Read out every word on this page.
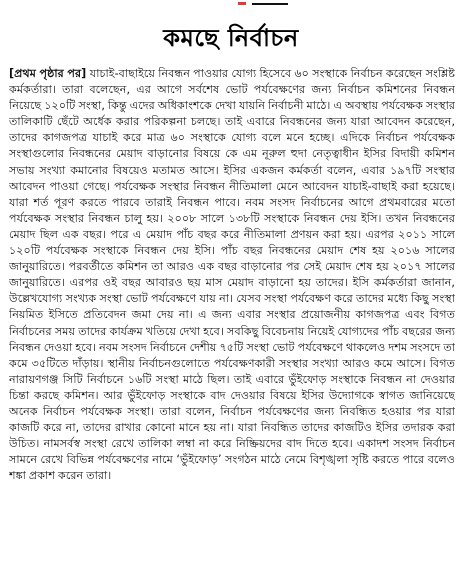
কমছে নির্বাচন
[প্রথম পৃষ্ঠার পর] যাচাই-বাছাইয়ে নিবন্ধন পাওয়ার যোগ্য হিসেবে ৬০ সংস্থাকে নির্বাচন করেছেন সংশ্লিষ্ট কর্মকর্তারা। তারা বলেছেন, এর আগে সর্বশেষ ভোট পর্যবেক্ষণের জন্য নির্বাচন কমিশনের নিবন্ধন নিয়েছে ১২০টি সংস্থা, কিন্তু এদের অধিকাংশকে দেখা যায়নি নির্বাচনী মাঠে। এ অবস্থায় পর্যবেক্ষক সংস্থার তালিকাটি ছেঁটে অর্ধেক করার পরিকল্পনা চলছে। তাই এবারে নিবন্ধনের জন্য যারা আবেদন করেছেন, তাদের কাগজপত্র যাচাই করে মাত্র ৬০ সংস্থাকে যোগ্য বলে মনে হচ্ছে। এদিকে নির্বাচন পর্যবেক্ষক সংস্থাগুলোর নিবন্ধনের মেয়াদ বাড়ানোর বিষয়ে কে এম নূরুল হুদা নেতৃত্বাধীন ইসির বিদায়ী কমিশন সভায় সংখ্যা কমানোর বিষয়েও মতামত আসে। ইসির একজন কর্মকর্তা বলেন, এবার ১৯৭টি সংস্থার আবেদন পাওয়া গেছে। পর্যবেক্ষক সংস্থার নিবন্ধন নীতিমালা মেনে আবেদন যাচাই-বাছাই করা হয়েছে। যারা শর্ত পূরণ করতে পারবে তারাই নিবন্ধন পাবে। নবম সংসদ নির্বাচনের আগে প্রথমবারের মতো পর্যবেক্ষক সংস্থার নিবন্ধন চালু হয়। ২০০৮ সালে ১৩৮টি সংস্থাকে নিবন্ধন দেয় ইসি। তখন নিবন্ধনের মেয়াদ ছিল এক বছর। পরে এ মেয়াদ পাঁচ বছর করে নীতিমালা প্রণয়ন করা হয়। এরপর ২০১১ সালে ১২০টি পর্যবেক্ষক সংস্থাকে নিবন্ধন দেয় ইসি। পাঁচ বছর নিবন্ধনের মেয়াদ শেষ হয় ২০১৬ সালের জানুয়ারিতে। পরবর্তীতে কমিশন তা আরও এক বছর বাড়ানোর পর সেই মেয়াদ শেষ হয় ২০১৭ সালের জানুয়ারিতে। এরপর ওই বছর আবারও ছয় মাস মেয়াদ বাড়ানো হয় তাদের। ইসি কর্মকর্তারা জানান, উল্লেখযোগ্য সংখ্যক সংস্থা ভোট পর্যবেক্ষণে যায় না। যেসব সংস্থা পর্যবেক্ষণ করে তাদের মধ্যে কিছু সংস্থা নিয়মিত ইসিতে প্রতিবেদন জমা দেয় না। এ জন্য এবার সংস্থার প্রয়োজনীয় কাগজপত্র এবং বিগত নির্বাচনের সময় তাদের কার্যক্রম খতিয়ে দেখা হবে। সবকিছু বিবেচনায় নিয়েই যোগ্যদের পাঁচ বছরের জন্য নিবন্ধন দেওয়া হবে। নবম সংসদ নির্বাচনে দেশীয় ৭৫টি সংস্থা ভোট পর্যবেক্ষণে থাকলেও দশম সংসদে তা কমে ৩৫টিতে দাঁড়ায়। স্থানীয় নির্বাচনগুলোতে পর্যবেক্ষণকারী সংস্থার সংখ্যা আরও কমে আসে। বিগত নারায়ণগঞ্জ সিটি নির্বাচনে ১৬টি সংস্থা মাঠে ছিল। তাই এবারে ভুঁইফোড় সংস্থাকে নিবন্ধন না দেওয়ার চিন্তা করছে কমিশন। আর ভুঁইফোড় সংস্থাকে বাদ দেওয়ার বিষয়ে ইসির উদ্যোগকে স্বাগত জানিয়েছে অনেক নির্বাচন পর্যবেক্ষক সংস্থা। তারা বলেন, নির্বাচন পর্যবেক্ষণের জন্য নিবন্ধিত হওয়ার পর যারা কাজটি করে না, তাদের রাখার কোনো মানে হয় না। যারা নিবন্ধিত তাদের কাজটিও ইসির তদারক করা উচিত। নামসর্বস্ব সংস্থা রেখে তালিকা লম্বা না করে নিষ্ক্রিয়দের বাদ দিতে হবে। একাদশ সংসদ নির্বাচন সামনে রেখে বিভিন্ন পর্যবেক্ষণের নামে ‘ভুঁইফোড়’ সংগঠন মাঠে নেমে বিশৃঙ্খলা সৃষ্টি করতে পারে বলেও শঙ্কা প্রকাশ করেন তারা।
